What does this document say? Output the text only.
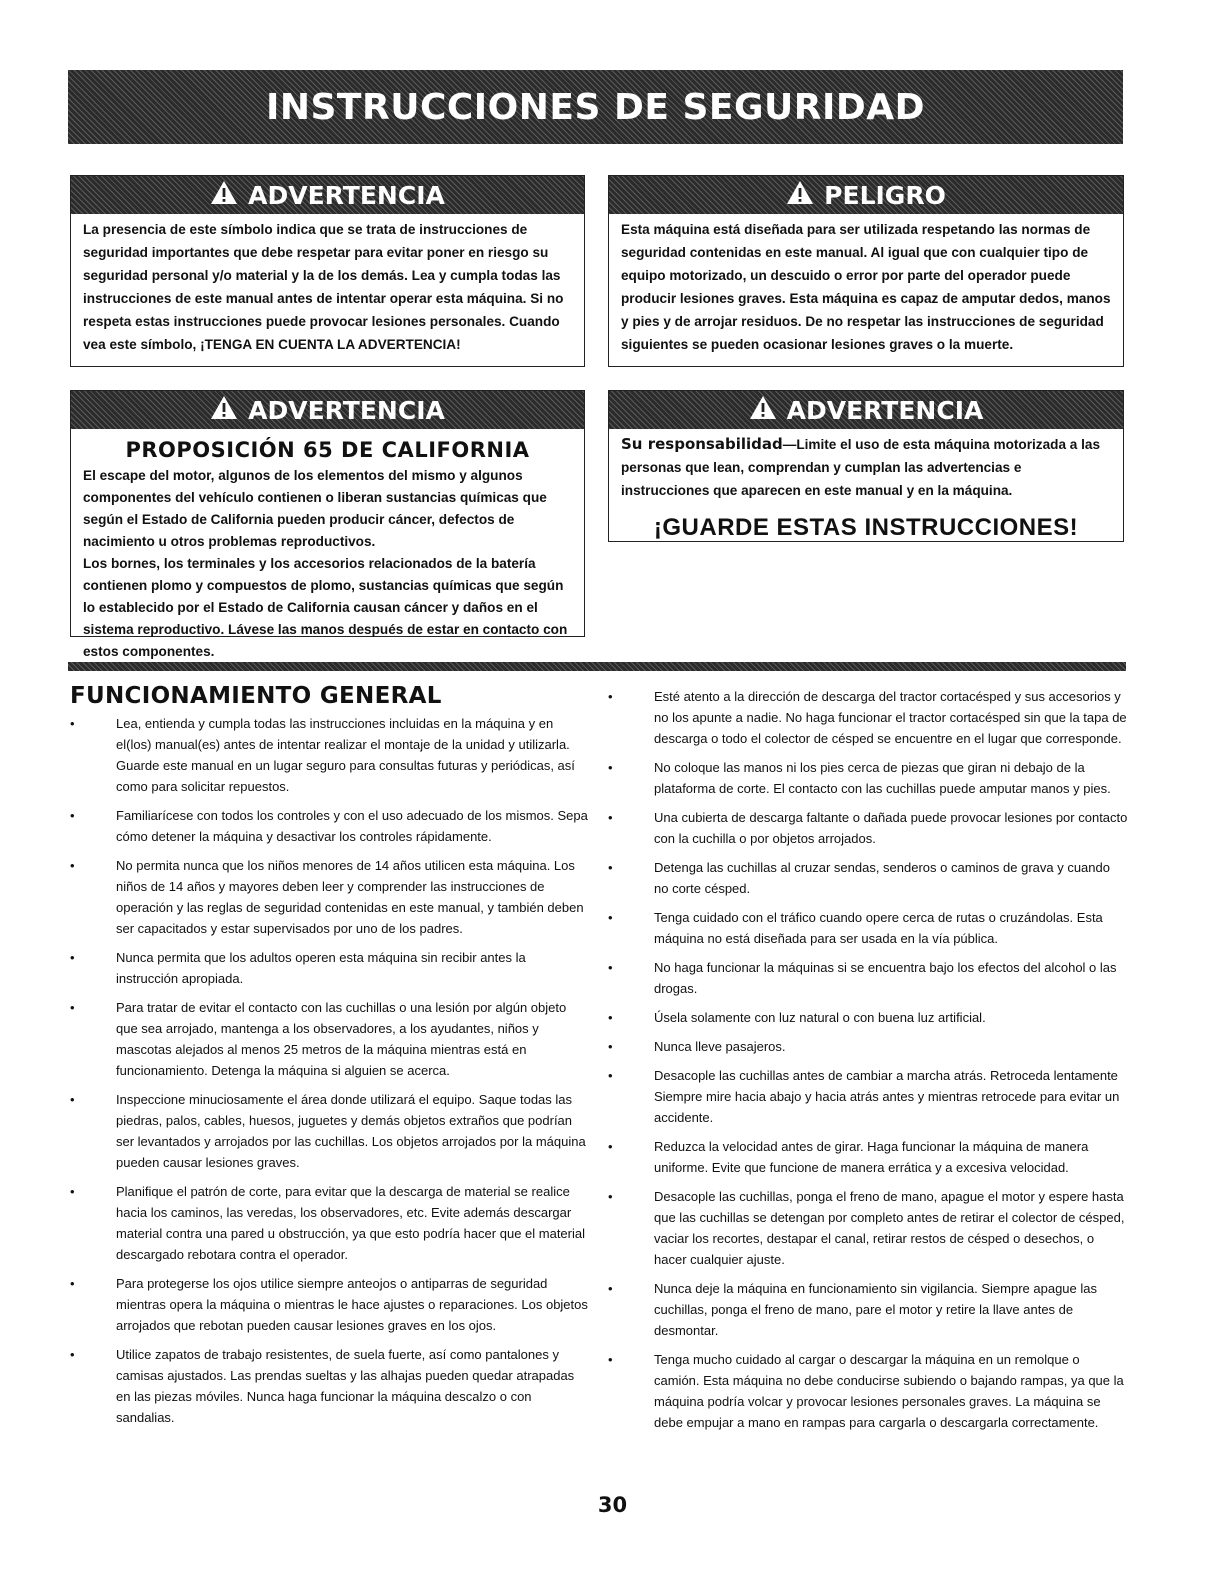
INSTRUCCIONES DE SEGURIDAD
ADVERTENCIA

La presencia de este símbolo indica que se trata de instrucciones de seguridad importantes que debe respetar para evitar poner en riesgo su seguridad personal y/o material y la de los demás. Lea y cumpla todas las instrucciones de este manual antes de intentar operar esta máquina. Si no respeta estas instrucciones puede provocar lesiones personales. Cuando vea este símbolo, ¡TENGA EN CUENTA LA ADVERTENCIA!

PELIGRO

Esta máquina está diseñada para ser utilizada respetando las normas de seguridad contenidas en este manual. Al igual que con cualquier tipo de equipo motorizado, un descuido o error por parte del operador puede producir lesiones graves. Esta máquina es capaz de amputar dedos, manos y pies y de arrojar residuos. De no respetar las instrucciones de seguridad siguientes se pueden ocasionar lesiones graves o la muerte.

ADVERTENCIA
PROPOSICIÓN 65 DE CALIFORNIA

El escape del motor, algunos de los elementos del mismo y algunos componentes del vehículo contienen o liberan sustancias químicas que según el Estado de California pueden producir cáncer, defectos de nacimiento u otros problemas reproductivos.

Los bornes, los terminales y los accesorios relacionados de la batería contienen plomo y compuestos de plomo, sustancias químicas que según lo establecido por el Estado de California causan cáncer y daños en el sistema reproductivo. Lávese las manos después de estar en contacto con estos componentes.

ADVERTENCIA

Su responsabilidad—Limite el uso de esta máquina motorizada a las personas que lean, comprendan y cumplan las advertencias e instrucciones que aparecen en este manual y en la máquina.

¡GUARDE ESTAS INSTRUCCIONES!
FUNCIONAMIENTO GENERAL
•	Lea, entienda y cumpla todas las instrucciones incluidas en la máquina y en el(los) manual(es) antes de intentar realizar el montaje de la unidad y utilizarla. Guarde este manual en un lugar seguro para consultas futuras y periódicas, así como para solicitar repuestos.
•	Familiarícese con todos los controles y con el uso adecuado de los mismos. Sepa cómo detener la máquina y desactivar los controles rápidamente.
•	No permita nunca que los niños menores de 14 años utilicen esta máquina. Los niños de 14 años y mayores deben leer y comprender las instrucciones de operación y las reglas de seguridad contenidas en este manual, y también deben ser capacitados y estar supervisados por uno de los padres.
•	Nunca permita que los adultos operen esta máquina sin recibir antes la instrucción apropiada.
•	Para tratar de evitar el contacto con las cuchillas o una lesión por algún objeto que sea arrojado, mantenga a los observadores, a los ayudantes, niños y mascotas alejados al menos 25 metros de la máquina mientras está en funcionamiento. Detenga la máquina si alguien se acerca.
•	Inspeccione minuciosamente el área donde utilizará el equipo. Saque todas las piedras, palos, cables, huesos, juguetes y demás objetos extraños que podrían ser levantados y arrojados por las cuchillas. Los objetos arrojados por la máquina pueden causar lesiones graves.
•	Planifique el patrón de corte, para evitar que la descarga de material se realice hacia los caminos, las veredas, los observadores, etc. Evite además descargar material contra una pared u obstrucción, ya que esto podría hacer que el material descargado rebotara contra el operador.
•	Para protegerse los ojos utilice siempre anteojos o antiparras de seguridad mientras opera la máquina o mientras le hace ajustes o reparaciones. Los objetos arrojados que rebotan pueden causar lesiones graves en los ojos.
•	Utilice zapatos de trabajo resistentes, de suela fuerte, así como pantalones y camisas ajustados. Las prendas sueltas y las alhajas pueden quedar atrapadas en las piezas móviles. Nunca haga funcionar la máquina descalzo o con sandalias.
•	Esté atento a la dirección de descarga del tractor cortacésped y sus accesorios y no los apunte a nadie. No haga funcionar el tractor cortacésped sin que la tapa de descarga o todo el colector de césped se encuentre en el lugar que corresponde.
•	No coloque las manos ni los pies cerca de piezas que giran ni debajo de la plataforma de corte. El contacto con las cuchillas puede amputar manos y pies.
•	Una cubierta de descarga faltante o dañada puede provocar lesiones por contacto con la cuchilla o por objetos arrojados.
•	Detenga las cuchillas al cruzar sendas, senderos o caminos de grava y cuando no corte césped.
•	Tenga cuidado con el tráfico cuando opere cerca de rutas o cruzándolas. Esta máquina no está diseñada para ser usada en la vía pública.
•	No haga funcionar la máquinas si se encuentra bajo los efectos del alcohol o las drogas.
•	Úsela solamente con luz natural o con buena luz artificial.
•	Nunca lleve pasajeros.
•	Desacople las cuchillas antes de cambiar a marcha atrás. Retroceda lentamente Siempre mire hacia abajo y hacia atrás antes y mientras retrocede para evitar un accidente.
•	Reduzca la velocidad antes de girar. Haga funcionar la máquina de manera uniforme. Evite que funcione de manera errática y a excesiva velocidad.
•	Desacople las cuchillas, ponga el freno de mano, apague el motor y espere hasta que las cuchillas se detengan por completo antes de retirar el colector de césped, vaciar los recortes, destapar el canal, retirar restos de césped o desechos, o hacer cualquier ajuste.
•	Nunca deje la máquina en funcionamiento sin vigilancia. Siempre apague las cuchillas, ponga el freno de mano, pare el motor y retire la llave antes de desmontar.
•	Tenga mucho cuidado al cargar o descargar la máquina en un remolque o camión. Esta máquina no debe conducirse subiendo o bajando rampas, ya que la máquina podría volcar y provocar lesiones personales graves. La máquina se debe empujar a mano en rampas para cargarla o descargarla correctamente.

30
